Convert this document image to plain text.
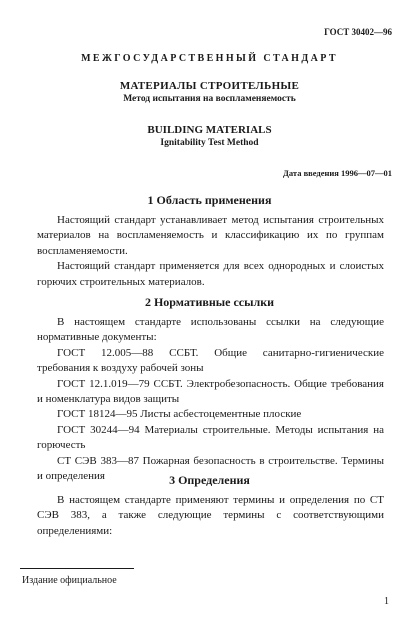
ГОСТ 30402—96
МЕЖГОСУДАРСТВЕННЫЙ СТАНДАРТ
МАТЕРИАЛЫ СТРОИТЕЛЬНЫЕ
Метод испытания на воспламеняемость
BUILDING MATERIALS
Ignitability Test Method
Дата введения 1996—07—01
1 Область применения

Настоящий стандарт устанавливает метод испытания строительных материалов на воспламеняемость и классификацию их по группам воспламеняемости.

Настоящий стандарт применяется для всех однородных и слоистых горючих строительных материалов.

2 Нормативные ссылки

В настоящем стандарте использованы ссылки на следующие нормативные документы:

ГОСТ 12.005—88 ССБТ. Общие санитарно-гигиенические требования к воздуху рабочей зоны

ГОСТ 12.1.019—79 ССБТ. Электробезопасность. Общие требования и номенклатура видов защиты

ГОСТ 18124—95 Листы асбестоцементные плоские

ГОСТ 30244—94 Материалы строительные. Методы испытания на горючесть

СТ СЭВ 383—87 Пожарная безопасность в строительстве. Термины и определения	3 Определения

В настоящем стандарте применяют термины и определения по СТ СЭВ 383, а также следующие термины с соответствующими определениями:

Издание официальное
1
